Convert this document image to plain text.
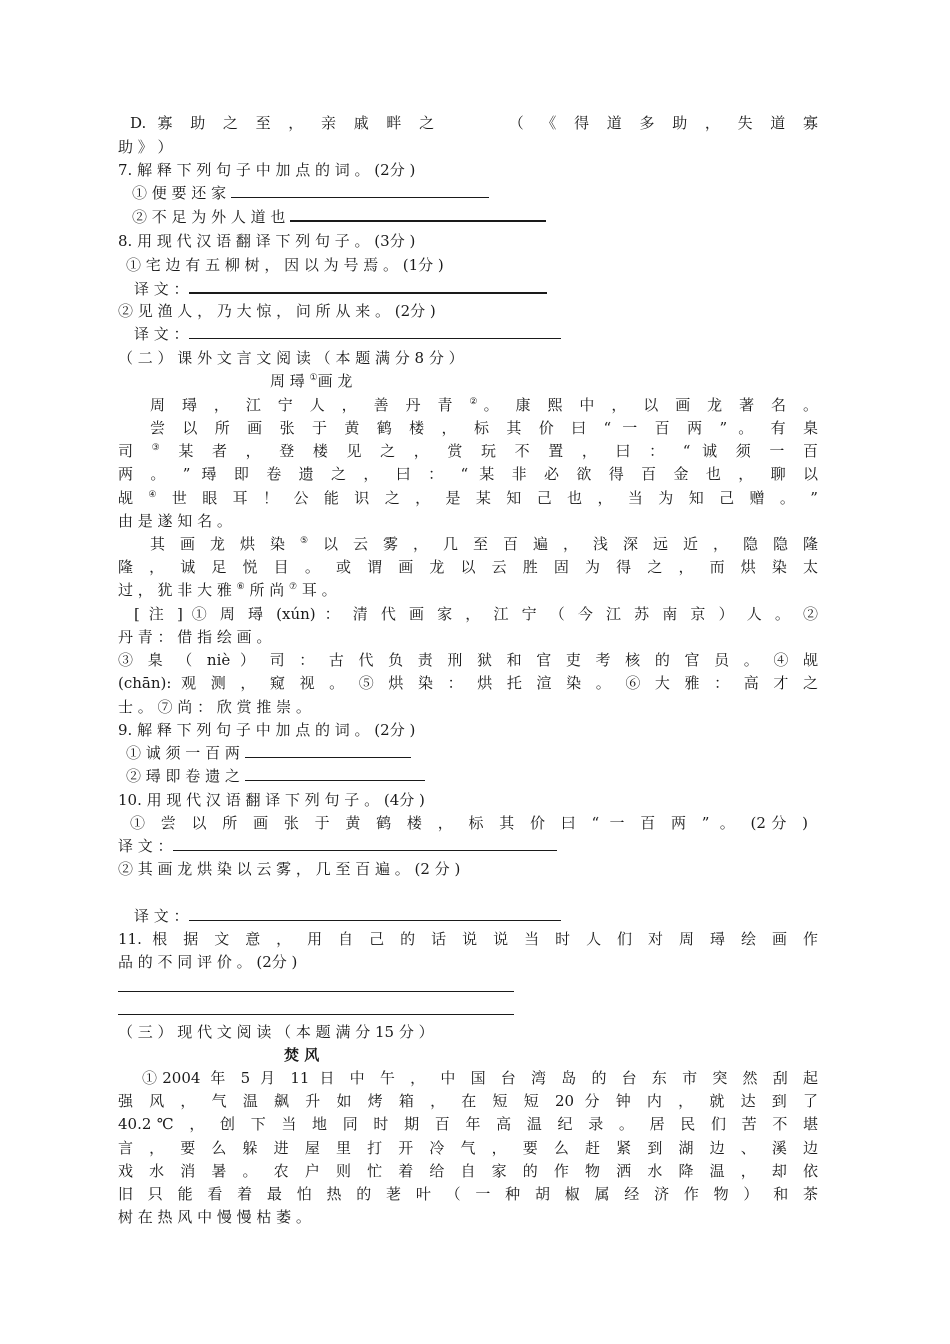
D. 寡 助 之 至 ， 亲 戚 畔 之 　　　（ 《 得 道 多 助 ， 失 道 寡
助 》 ）
7. 解 释 下 列 句 子 中 加 点 的 词 。 (2分 )
① 便 要 还 家
② 不 足 为 外 人 道 也
8. 用 现 代 汉 语 翻 译 下 列 句 子 。 (3分 )
① 宅 边 有 五 柳 树 ， 因 以 为 号 焉 。 (1分 )
译 文 ：
② 见 渔 人 ， 乃 大 惊 ， 问 所 从 来 。 (2分 )
译 文 ：
（ 二 ） 课 外 文 言 文 阅 读 （ 本 题 满 分 8 分 ）
周 璕 ①画 龙
周 璕 ， 江 宁 人 ， 善 丹 青 ②。 康 熙 中 ， 以 画 龙 著 名 。
尝 以 所 画 张 于 黄 鹤 楼 ， 标 其 价 曰 “ 一 百 两 ” 。 有 臬
司 ③ 某 者 ， 登 楼 见 之 ， 赏 玩 不 置 ， 曰 ： “ 诚 须 一 百
两 。 ” 璕 即 卷 遗 之 ， 曰 ： “ 某 非 必 欲 得 百 金 也 ， 聊 以
觇 ④ 世 眼 耳 ！ 公 能 识 之 ， 是 某 知 己 也 ， 当 为 知 己 赠 。 ”
由 是 遂 知 名 。
其 画 龙 烘 染 ⑤ 以 云 雾 ， 几 至 百 遍 ， 浅 深 远 近 ， 隐 隐 隆
隆 ， 诚 足 悦 目 。 或 谓 画 龙 以 云 胜 固 为 得 之 ， 而 烘 染 太
过 ， 犹 非 大 雅 ⑥ 所 尚 ⑦ 耳 。
[ 注 ] ① 周 璕 (xún) ： 清 代 画 家 ， 江 宁 （ 今 江 苏 南 京 ） 人 。 ②
丹 青 ： 借 指 绘 画 。
③ 臬 （ niè ） 司 ： 古 代 负 责 刑 狱 和 官 吏 考 核 的 官 员 。 ④ 觇
(chān): 观 测 ， 窥 视 。 ⑤ 烘 染 ： 烘 托 渲 染 。 ⑥ 大 雅 ： 高 才 之
士 。 ⑦ 尚 ： 欣 赏 推 崇 。
9. 解 释 下 列 句 子 中 加 点 的 词 。 (2分 )
① 诚 须 一 百 两
② 璕 即 卷 遗 之
10. 用 现 代 汉 语 翻 译 下 列 句 子 。 (4分 )
① 尝 以 所 画 张 于 黄 鹤 楼 ， 标 其 价 曰 “ 一 百 两 ” 。 (2分 )
译 文 ：
② 其 画 龙 烘 染 以 云 雾 ， 几 至 百 遍 。 (2 分 )
译 文 ：
11. 根 据 文 意 ， 用 自 己 的 话 说 说 当 时 人 们 对 周 璕 绘 画 作
品 的 不 同 评 价 。 (2分 )
（ 三 ） 现 代 文 阅 读 （ 本 题 满 分 15 分 ）
焚 风
①2004 年 5 月 11 日 中 午 ， 中 国 台 湾 岛 的 台 东 市 突 然 刮 起
强 风 ， 气 温 飙 升 如 烤 箱 ， 在 短 短 20 分 钟 内 ， 就 达 到 了
40.2℃ ， 创 下 当 地 同 时 期 百 年 高 温 纪 录 。 居 民 们 苦 不 堪
言 ， 要 么 躲 进 屋 里 打 开 冷 气 ， 要 么 赶 紧 到 湖 边 、 溪 边
戏 水 消 暑 。 农 户 则 忙 着 给 自 家 的 作 物 洒 水 降 温 ， 却 依
旧 只 能 看 着 最 怕 热 的 荖 叶 （ 一 种 胡 椒 属 经 济 作 物 ） 和 茶
树 在 热 风 中 慢 慢 枯 萎 。
